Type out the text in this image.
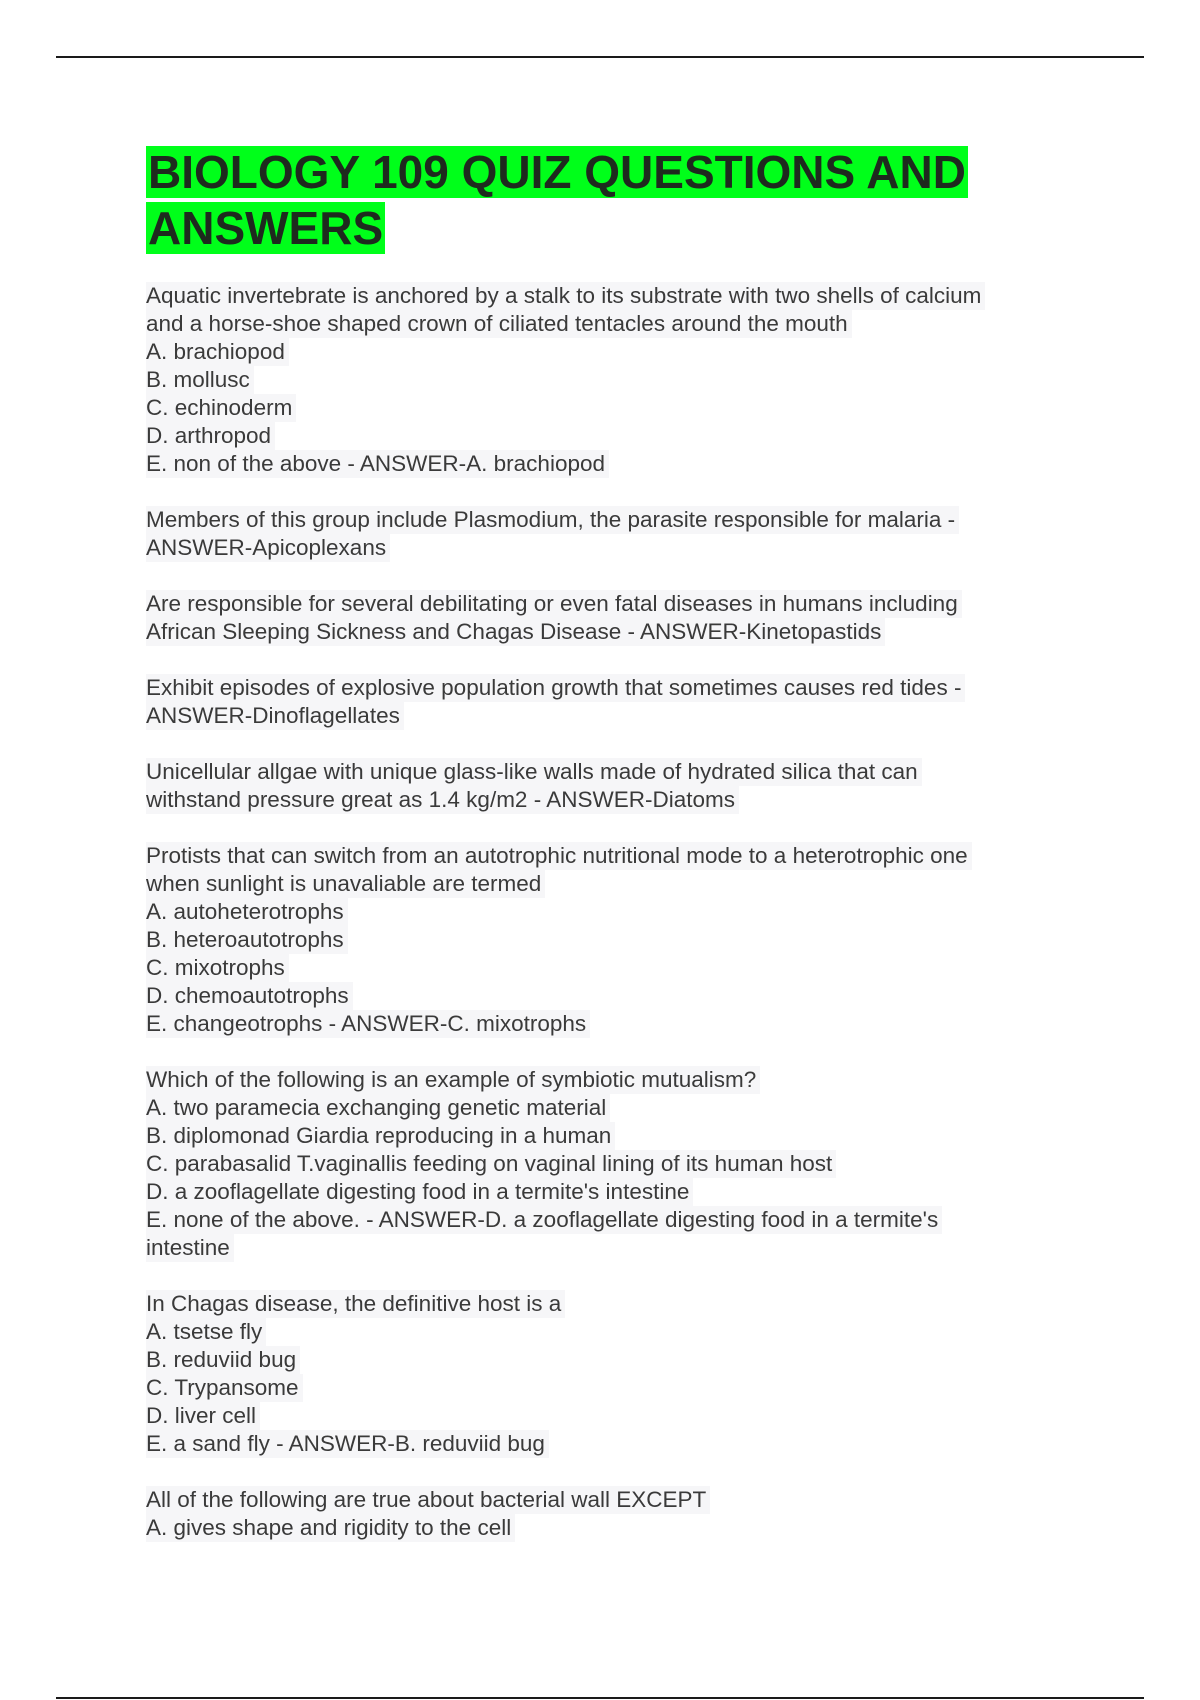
BIOLOGY 109 QUIZ QUESTIONS AND ANSWERS
Aquatic invertebrate is anchored by a stalk to its substrate with two shells of calcium
and a horse-shoe shaped crown of ciliated tentacles around the mouth
A. brachiopod
B. mollusc
C. echinoderm
D. arthropod
E. non of the above - ANSWER-A. brachiopod
Members of this group include Plasmodium, the parasite responsible for malaria -
ANSWER-Apicoplexans
Are responsible for several debilitating or even fatal diseases in humans including
African Sleeping Sickness and Chagas Disease - ANSWER-Kinetopastids
Exhibit episodes of explosive population growth that sometimes causes red tides -
ANSWER-Dinoflagellates
Unicellular allgae with unique glass-like walls made of hydrated silica that can
withstand pressure great as 1.4 kg/m2 - ANSWER-Diatoms
Protists that can switch from an autotrophic nutritional mode to a heterotrophic one
when sunlight is unavaliable are termed
A. autoheterotrophs
B. heteroautotrophs
C. mixotrophs
D. chemoautotrophs
E. changeotrophs - ANSWER-C. mixotrophs
Which of the following is an example of symbiotic mutualism?
A. two paramecia exchanging genetic material
B. diplomonad Giardia reproducing in a human
C. parabasalid T.vaginallis feeding on vaginal lining of its human host
D. a zooflagellate digesting food in a termite's intestine
E. none of the above. - ANSWER-D. a zooflagellate digesting food in a termite's
intestine
In Chagas disease, the definitive host is a
A. tsetse fly
B. reduviid bug
C. Trypansome
D. liver cell
E. a sand fly - ANSWER-B. reduviid bug
All of the following are true about bacterial wall EXCEPT
A. gives shape and rigidity to the cell
